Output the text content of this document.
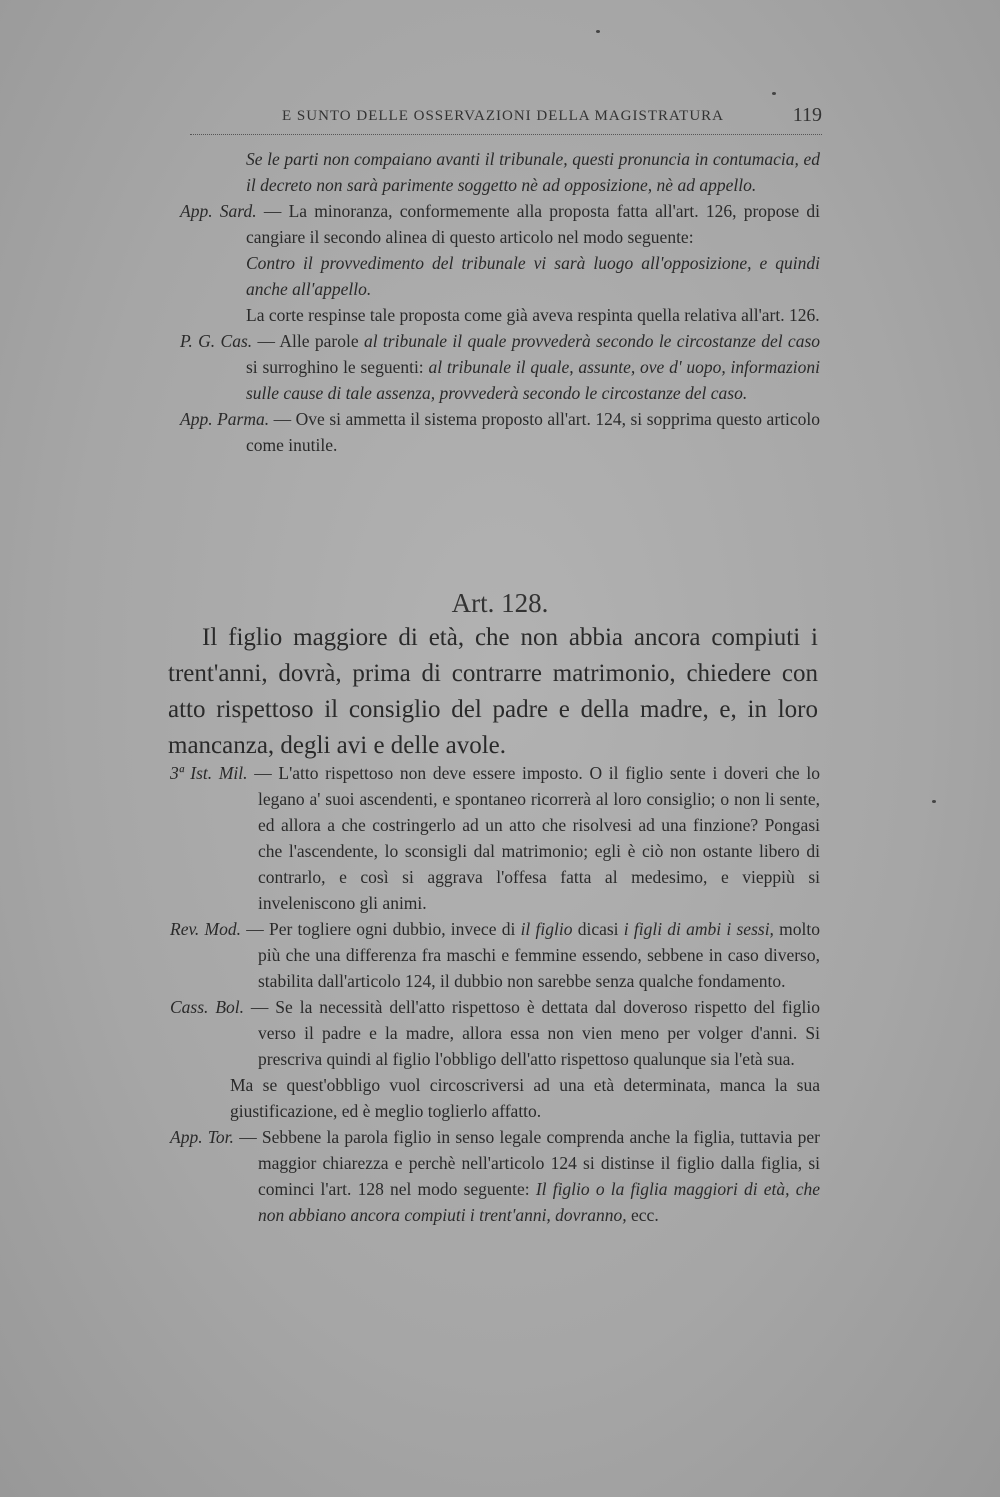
E SUNTO DELLE OSSERVAZIONI DELLA MAGISTRATURA	119

Se le parti non compaiano avanti il tribunale, questi pronuncia in contumacia, ed il decreto non sarà parimente soggetto nè ad opposizione, nè ad appello.

App. Sard. — La minoranza, conformemente alla proposta fatta all'art. 126, propose di cangiare il secondo alinea di questo articolo nel modo seguente:

Contro il provvedimento del tribunale vi sarà luogo all'opposizione, e quindi anche all'appello.

La corte respinse tale proposta come già aveva respinta quella relativa all'art. 126.

P. G. Cas. — Alle parole al tribunale il quale provvederà secondo le circostanze del caso si surroghino le seguenti: al tribunale il quale, assunte, ove d' uopo, informazioni sulle cause di tale assenza, provvederà secondo le circostanze del caso.

App. Parma. — Ove si ammetta il sistema proposto all'art. 124, si sopprima questo articolo come inutile.

Art. 128.
Il figlio maggiore di età, che non abbia ancora compiuti i trent'anni, dovrà, prima di contrarre matrimonio, chiedere con atto rispettoso il consiglio del padre e della madre, e, in loro mancanza, degli avi e delle avole.

3ª Ist. Mil. — L'atto rispettoso non deve essere imposto. O il figlio sente i doveri che lo legano a' suoi ascendenti, e spontaneo ricorrerà al loro consiglio; o non li sente, ed allora a che costringerlo ad un atto che risolvesi ad una finzione? Pongasi che l'ascendente, lo sconsigli dal matrimonio; egli è ciò non ostante libero di contrarlo, e così si aggrava l'offesa fatta al medesimo, e vieppiù si inveleniscono gli animi.

Rev. Mod. — Per togliere ogni dubbio, invece di il figlio dicasi i figli di ambi i sessi, molto più che una differenza fra maschi e femmine essendo, sebbene in caso diverso, stabilita dall'articolo 124, il dubbio non sarebbe senza qualche fondamento.

Cass. Bol. — Se la necessità dell'atto rispettoso è dettata dal doveroso rispetto del figlio verso il padre e la madre, allora essa non vien meno per volger d'anni. Si prescriva quindi al figlio l'obbligo dell'atto rispettoso qualunque sia l'età sua.

Ma se quest'obbligo vuol circoscriversi ad una età determinata, manca la sua giustificazione, ed è meglio toglierlo affatto.

App. Tor. — Sebbene la parola figlio in senso legale comprenda anche la figlia, tuttavia per maggior chiarezza e perchè nell'articolo 124 si distinse il figlio dalla figlia, si cominci l'art. 128 nel modo seguente: Il figlio o la figlia maggiori di età, che non abbiano ancora compiuti i trent'anni, dovranno, ecc.
